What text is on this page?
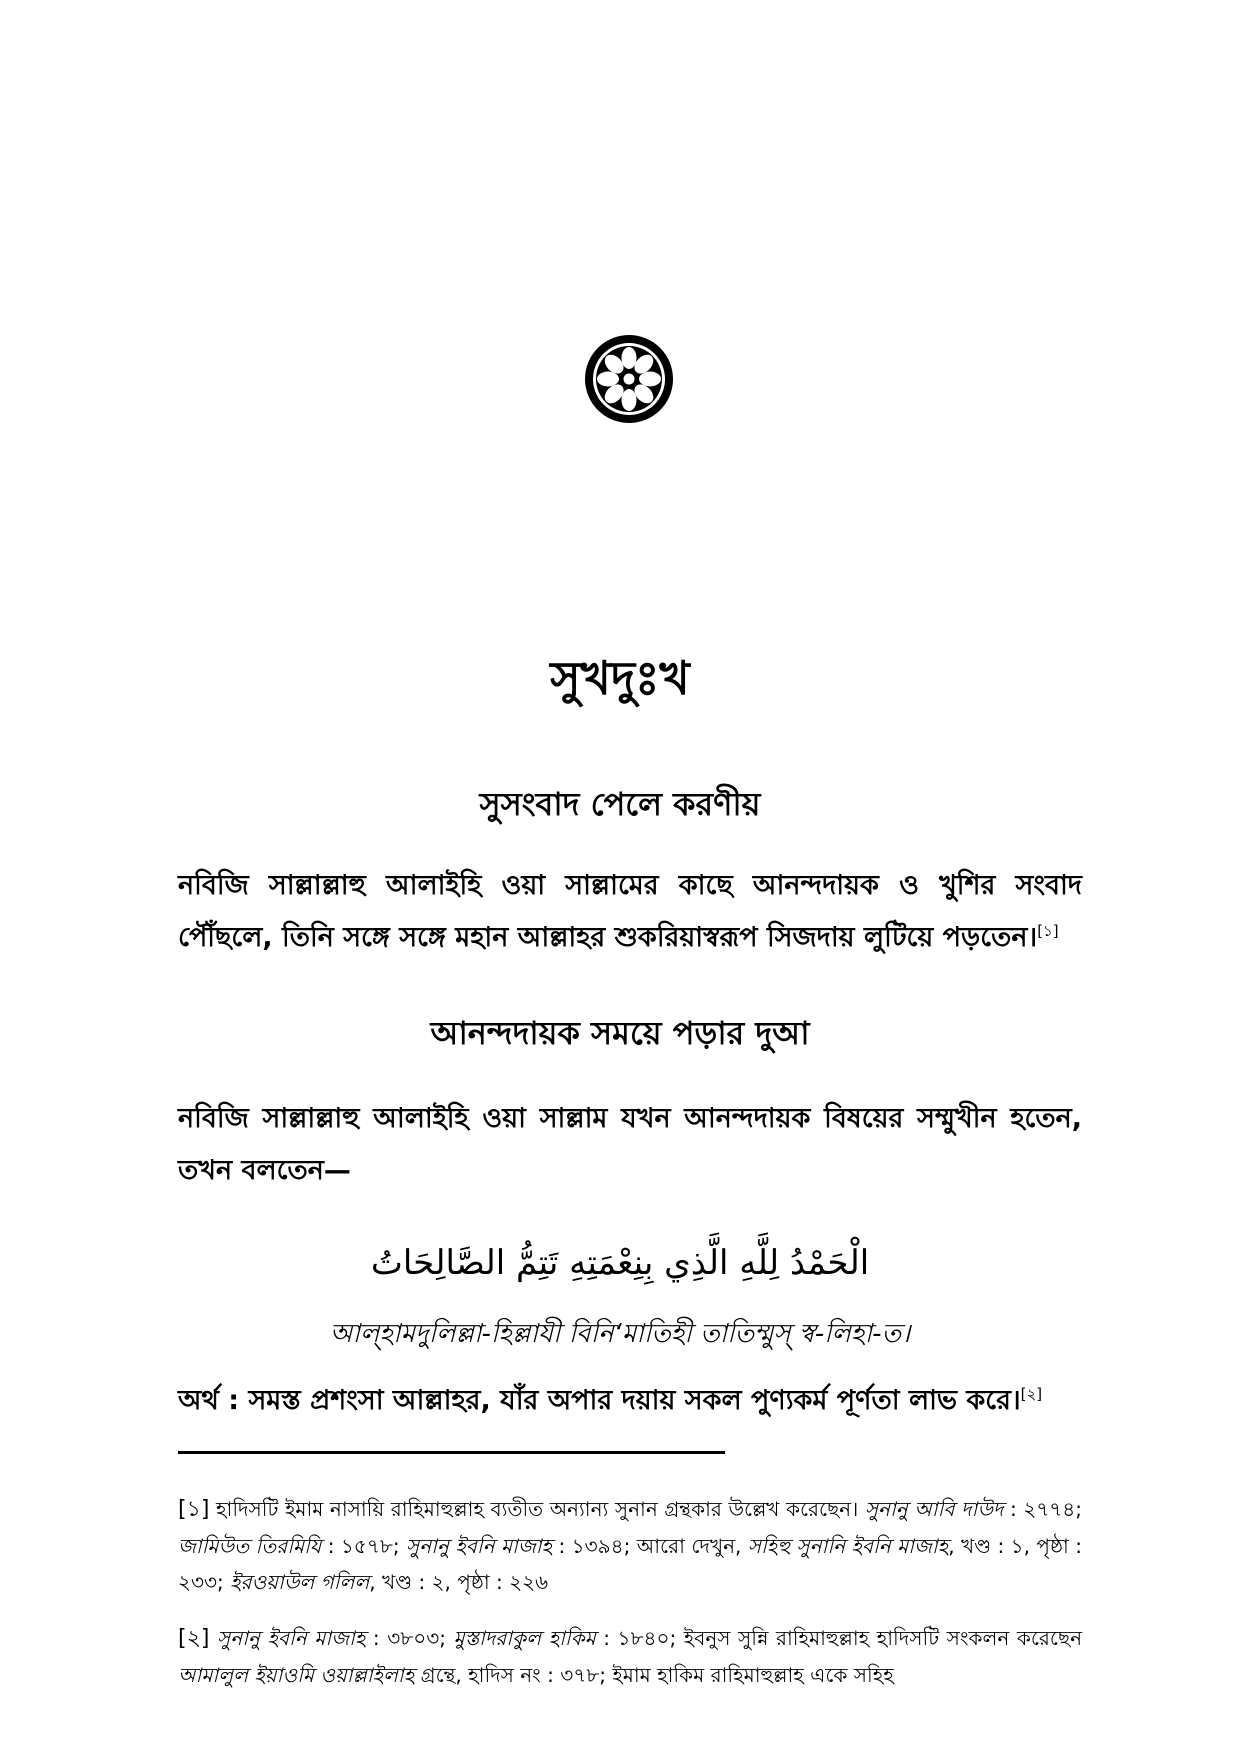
সুখদুঃখ
সুসংবাদ পেলে করণীয়
নবিজি সাল্লাল্লাহু আলাইহি ওয়া সাল্লামের কাছে আনন্দদায়ক ও খুশির সংবাদ পৌঁছলে, তিনি সঙ্গে সঙ্গে মহান আল্লাহর শুকরিয়াস্বরূপ সিজদায় লুটিয়ে পড়তেন।[১]
আনন্দদায়ক সময়ে পড়ার দুআ
নবিজি সাল্লাল্লাহু আলাইহি ওয়া সাল্লাম যখন আনন্দদায়ক বিষয়ের সম্মুখীন হতেন, তখন বলতেন—
الْحَمْدُ لِلَّهِ الَّذِي بِنِعْمَتِهِ تَتِمُّ الصَّالِحَاتُ
আল্‌হামদুলিল্লা-হিল্লাযী বিনি‘মাতিহী তাতিম্মুস্‌ স্ব-লিহা-ত।
অর্থ : সমস্ত প্রশংসা আল্লাহর, যাঁর অপার দয়ায় সকল পুণ্যকর্ম পূর্ণতা লাভ করে।[২]
[১] হাদিসটি ইমাম নাসায়ি রাহিমাহুল্লাহ ব্যতীত অন্যান্য সুনান গ্রন্থকার উল্লেখ করেছেন। সুনানু আবি দাউদ : ২৭৭৪; জামিউত তিরমিযি : ১৫৭৮; সুনানু ইবনি মাজাহ : ১৩৯৪; আরো দেখুন, সহিহু সুনানি ইবনি মাজাহ, খণ্ড : ১, পৃষ্ঠা : ২৩৩; ইরওয়াউল গলিল, খণ্ড : ২, পৃষ্ঠা : ২২৬
[২] সুনানু ইবনি মাজাহ : ৩৮০৩; মুস্তাদরাকুল হাকিম : ১৮৪০; ইবনুস সুন্নি রাহিমাহুল্লাহ হাদিসটি সংকলন করেছেন আমালুল ইয়াওমি ওয়াল্লাইলাহ গ্রন্থে, হাদিস নং : ৩৭৮; ইমাম হাকিম রাহিমাহুল্লাহ একে সহিহ
